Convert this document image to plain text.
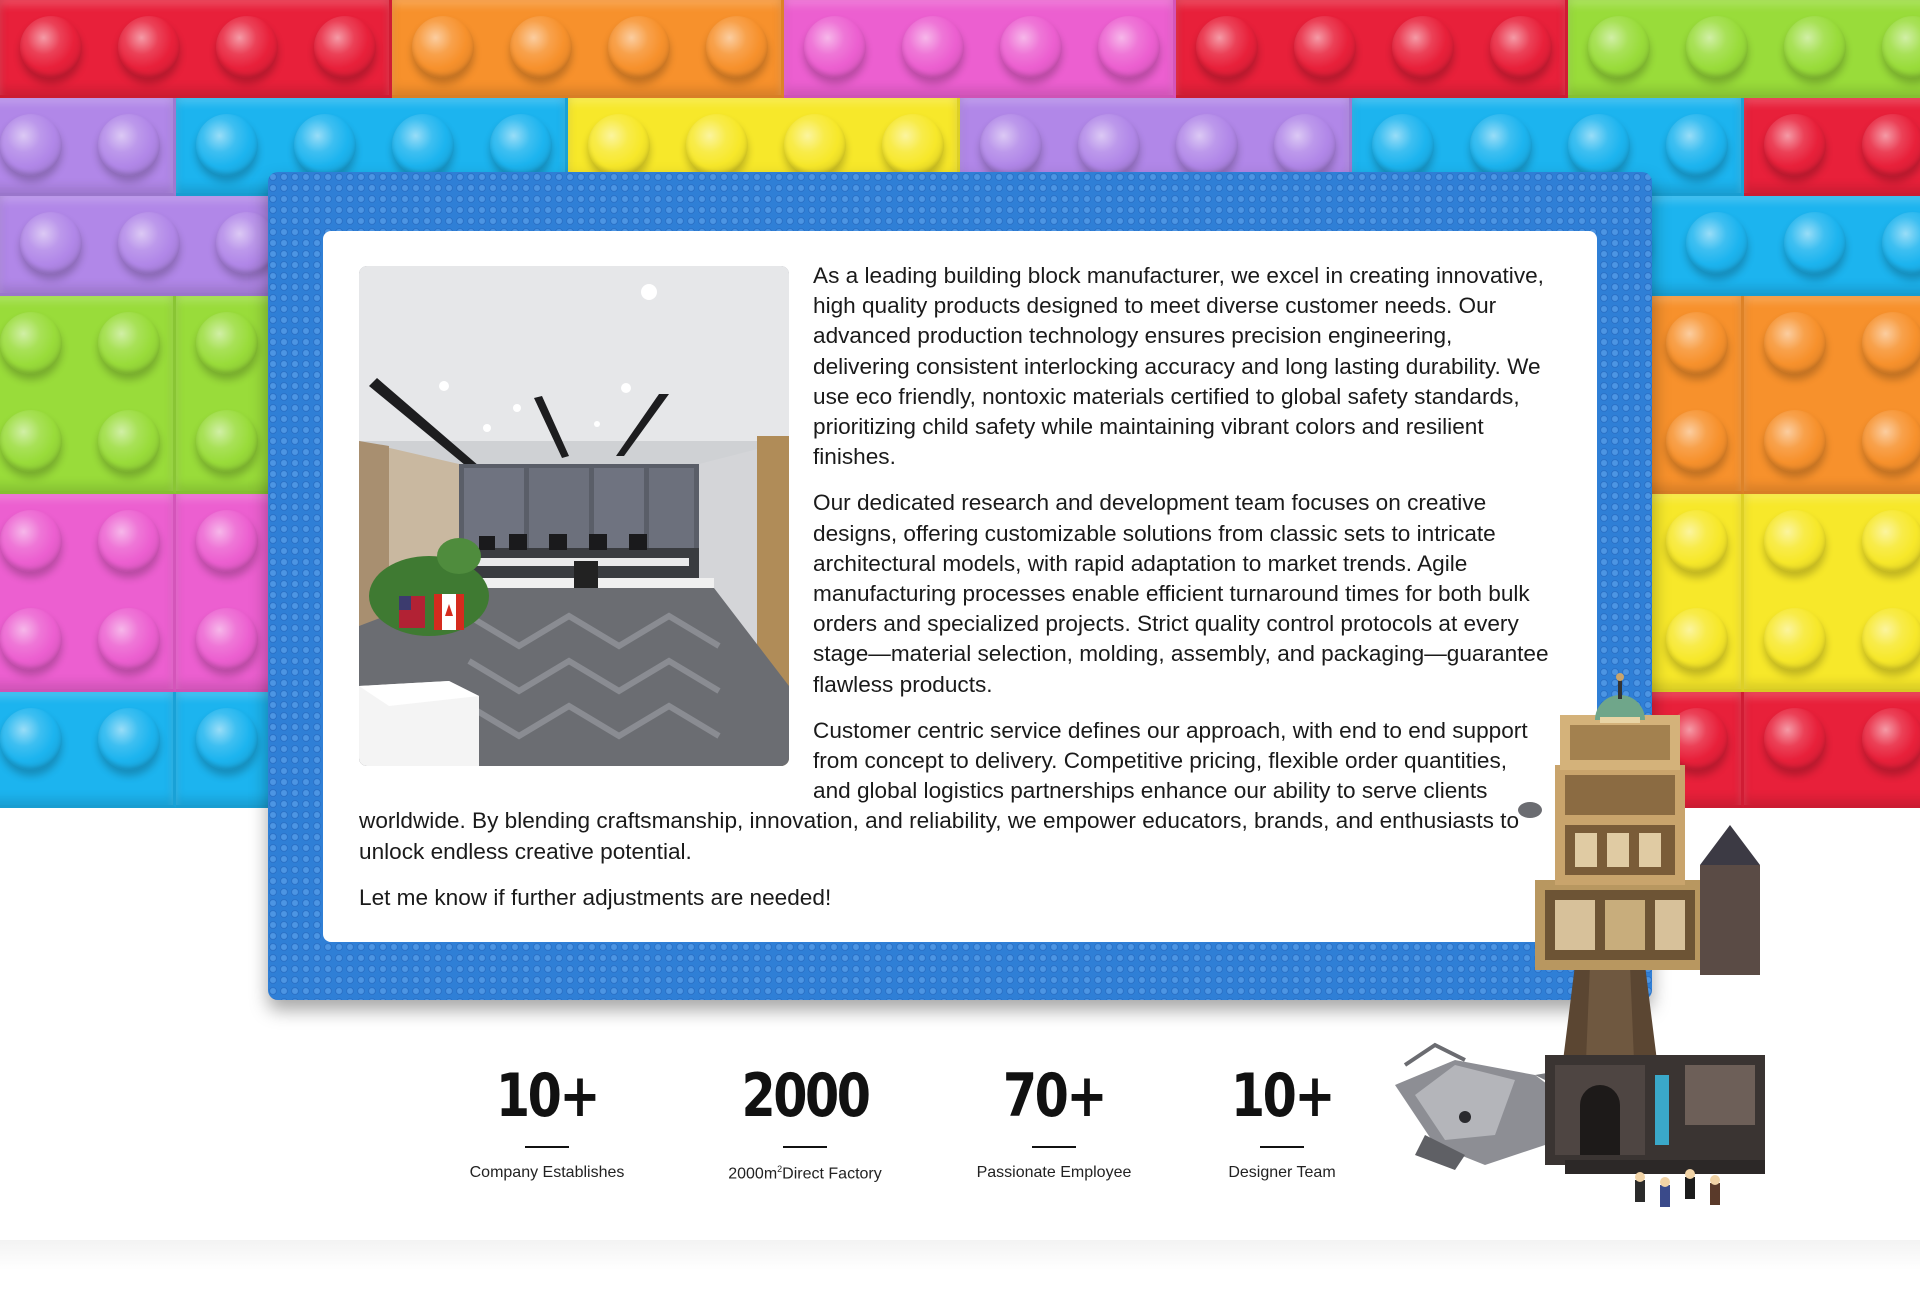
As a leading building block manufacturer, we excel in creating innovative, high quality products designed to meet diverse customer needs. Our advanced production technology ensures precision engineering, delivering consistent interlocking accuracy and long lasting durability. We use eco friendly, nontoxic materials certified to global safety standards, prioritizing child safety while maintaining vibrant colors and resilient finishes.

Our dedicated research and development team focuses on creative designs, offering customizable solutions from classic sets to intricate architectural models, with rapid adaptation to market trends. Agile manufacturing processes enable efficient turnaround times for both bulk orders and specialized projects. Strict quality control protocols at every stage—material selection, molding, assembly, and packaging—guarantee flawless products.

Customer centric service defines our approach, with end to end support from concept to delivery. Competitive pricing, flexible order quantities, and global logistics partnerships enhance our ability to serve clients worldwide. By blending craftsmanship, innovation, and reliability, we empower educators, brands, and enthusiasts to unlock endless creative potential.

Let me know if further adjustments are needed!

10+
Company Establishes
2000
$2000m^2Direct$ Factory
70+
Passionate Employee
10+
Designer Team
